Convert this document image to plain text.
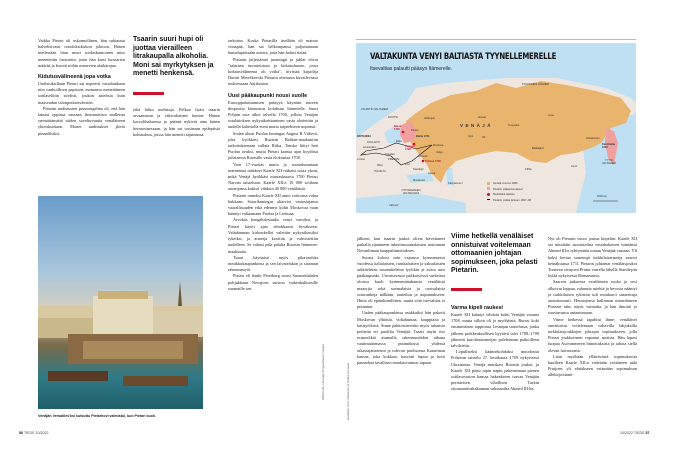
Vaikka Pietari oli uskonnollinen, hän suhtautui halveksivasti ortodoksikirkon johtoon. Hänen mielestään liian moni sotilaskuntoinen mies menetettiin luostariin, joten hän karsi luostarien määrää ja korotti niihin menevien alaikärajaa.

Kidutusvälineenä jopa votka

Uudistuksillaan Pietari sai nopeasti vastahankaan niin vanhoillisen papiston, asemansa menettäneen sotilaseliitin streltsit, joukon aatelisia kuin maaseudun talonpoikaisväestön.

Pietarin uudistusten perusongelma oli, että hän lainasi oppinsa suoraan länsimaisista malleista ymmärtämättä niiden soveltuvuutta venäläiseen yhteiskuntaan. Monet uudistukset jäivät pinnallisiksi.

Tsaarin suuri hupi oli juottaa vierailleen litrakaupalla alkoholia. Moni sai myrkytyksen ja menetti henkensä.

eikä lulttu uudistaja. Pelkoa lisäsi tsaarin arvaamaton ja väkivaltainen luonne. Hänen kasvolihaksensa ja päänsä nykivät aina hänen hermostuessaan, ja hän sai toisinaan epileptisiä kohtauksia, joissa hän menetti tajuntansa.

tarkoitus. Koska Pietarilla itsellään oli mainio viinapää, hän sai helkompansa paljastamaan humalapäissään asioita, joita hän halusi tietää.

Pietarin järjestämät juomingit ja juhlat olivat "salainen tuomioistuin ja kidutushuone, jossa kidutusvälineenä oli votka", tiivistää kirjailija Dmitri Mereškovski Pietarin olemusta kuvailevassa teoksessaan Antikristus.

Uusi pääkaupunki nousi suolle

Eurooppalaistamisen pääsyyä käyntiin nuoren despootin kiinnostus kohdistui Itämerelle. Suuri Pohjan sota alkoi talvella 1700, jolloin Venäjän sotalaitoksen nykyaikaistaminen vasta aloitettiin ja uudella kalustolla eteni mutta tarpeekseen nopeasti.

Sodan alusti Puolan kuningas August II Väkevä, joka hyökkäsi Ruotsin Baltian-maakuntiin tarkoituksenaan vallata Riika. Tanska liittyi heti Puolan avuksi, mutta Pietari kanssa ajan kyydissä julistaessa Ruotsille vasta elokuussa 1700.

Vain 17-vuotias mutta jo sotaurhuuntaan maineensa niittänyt Kaarle XII ratkaisi sotaa yksin, mikä Venäjä hyökkäsi marraskuussa 1700 Pietari Narvan taisteluun. Kaarle XII:n 10 000 sotilaan armeijansa kukisti vihdoin 40 000 venäläistä.

Pietarin onneksi Kaarle XII antoi voittonsa valua hukkaan. Sotarikuningas aliarvioi vastustajansa vaarallisuuden eikä edennyt kohti Moskovaa vaan kääntyi valtaamaan Puolaa ja Liettuaa.

Arvokas hengähdystauko venyi vuosiksi, ja Pietari käytti ajan tehokkaasti hyväkseen. Valtakunnan kirkonkellot valettiin nykyaikaisiksi tykeiksi, ja armeija koottiin ja vahvistettiin uudelleen. Se valtasi pala palalta Ruotsin Itämeren-maakuntia.

Tsaari käynnisti myös pikavauhtia nimikkokaupunkinsa ja sen laivatelakan ja sataman rakennustyöt.

Pietari eli Sankt Peterburg nousi Suomenlahden pohjukkaan Nevajoen suiston vaikeakulkuisille suomaille sen

Venäjän Versailles'ksi kutsuttu Pietarhovi valmistui, kun Pietari kuoli.
Wikimedia, Heritage Images/Getty Images
56 TIEDE 10/2022
VALTAKUNTA VENYI BALTIASTA TYYNELLEMERELLE
Itsevaltias palautti pääsyn Itämerelle.
V E N Ä J Ä
POHJOINEN JÄÄMERI
ATLANTIN VALTAMERI
RUOTSI	Arkangeli	Jenisei
Lena
Tunguska
Narva 1700	Pietari
BRITANNIA	Baltia 1721	Irtyš	Ob
HOLLANTI	Riika
Lesnaja 1708
Moskova
Amsterdam
Dresden
Lontoo	PREUSSI
Volga
Baikaljärvi
Ohotanmeri
Kamtšatka 1697
Voronež
Poltava 1709
Wien
ITÄVALTA
Prut
KIINA
Amur
TYYNI VALTAMERI
Stanileşti
Asova
Mustameri
Kaspianmeri
OTTOMAANIEN VALTAKUNTA
Välimeri
Venäjä vuonna 1689
Pietarin valtaamat alueet
Merkittävä taistelu
Pietarin matka länteen 1697–98
2000 km

jälkeen, kun tsaarin joukot olivat hävittäneet paikalla sijainneen inkeriinsuomalaisten asuttaman Nevanlinnan kauppalinnoituksen.

Suosta kohosi vain vajaassa kymmenessä vuodessa italialaisten, ranskalaisten ja saksalaisten arkkitehtien suunnittelema tyylikäs ja avara uusi pääkaupunki. Uuvuttavassa pakkotyössä surkeissa oloissa kuoli kymmeniätuhansia venäläisiä maaorjia sekä suomalaisia ja ruotsalaisia sotavankeja nälkään, tauteihin ja uupumukseen. Hinta oli epäinhimillinen, mutta siitä itsevaltias ei piitannut.

Uuden pääkaupunkinsa asukkaiksi hän pakotti Moskovan ylhäisiä, virkakuntaa, kauppiaita ja käsityöläisiä. Sinne pakkosiirrettiin myös tuhansia perheitä eri puolilta Venäjää. Tsaari näytti itse esimerkkiä asumalla rakennustöiden aikana vaatimattomassa puumökissä yhdessä rakastajattarensa ja tulevan puolisonsa Katariinan kanssa, joka kokkasi, kasvatti lapsia ja hoiti puutarhaa tavallisen maalaisvaimon tapaan.

Viime hetkellä venäläiset onnistuivat voitelemaan ottomaanien johtajan sopimukseen, joka pelasti Pietarin.
Varma kipeli raukesi

Kaarle XII kääntyi vihdoin kohti Venäjää vuonna 1708, mutta silloin oli jo myöhäistä. Ruotsi koki ensimmäisen tappionsa Lesnajan taistelussa, jonka jälkeen poikkeuksellisen hyytävä talvi 1708–1709 jähmetti karoliiniarmeijan palelemaan paikoilleen talvileiriin.

Lopulliseksi käännekohdaksi muodostui Poltavan taistelu 27. kesäkuuta 1709 nykyisessä Ukrainassa. Venäjä murskasi Ruotsin joukot, ja Kaarle XII pääsi nipin napin pakenemaan pienen sotilasosaston kanssa hakeakseen turvaa Venäjän perinteisen vihollisen Turkin ottomaanivaltakunnan sulttaanilta Ahmed III:lta.

Nyt oli Pietarin vuoro joutua kiipeliin. Kaarle XII sai nimittäin suostuteltua vastahakoisen isäntänsä Ahmed III:n ryhtymään sotaan Venäjää vastaan. Yli kaksi kertaa suurempi turkkilaisarmeija saartoi heinäkuussa 1711 Pietarin johtamat venäläisjoukot Tonavan sivujoen Prutin varrella lähellä Stanileştin kylää nykyisessä Romaniassa.

Saarron jatkuessa venäläisten ruoka ja vesi alkoivat loppua, ruhansia miehiä ja hevosia nääntyi ja turkkilaisen tykistön tuli moukaroi saarrettuja armottomasti. Hermojensa hallinnan menettäneen Pietarin tuho näytti varmalta, ja hän ilmoitti jo suostuvansa antautumaan.

Viime hetkessä tapahtui ihme: venäläiset onnistuivat voitelemaan valtavilla lahjuksilla turkkilaisjoukkojen johtajan sopimukseen, jolla Pietari joukkoineen vapautui motista. Hän lupasi luopua Asovanmeren linnoituksista ja tuhota siellä olevan laivastonsa.

Liian myöhään yllättävästä sopimuksesta kuulleen Kaarle XII:n väitetään yrittäneen uida Prutjoen yli ehtiäkseen estämään sopimuksen allekirjoittami-

Grafiikka: Kirsi Valkeinen ja Pekka Kuusela
10/2022 TIEDE 57
